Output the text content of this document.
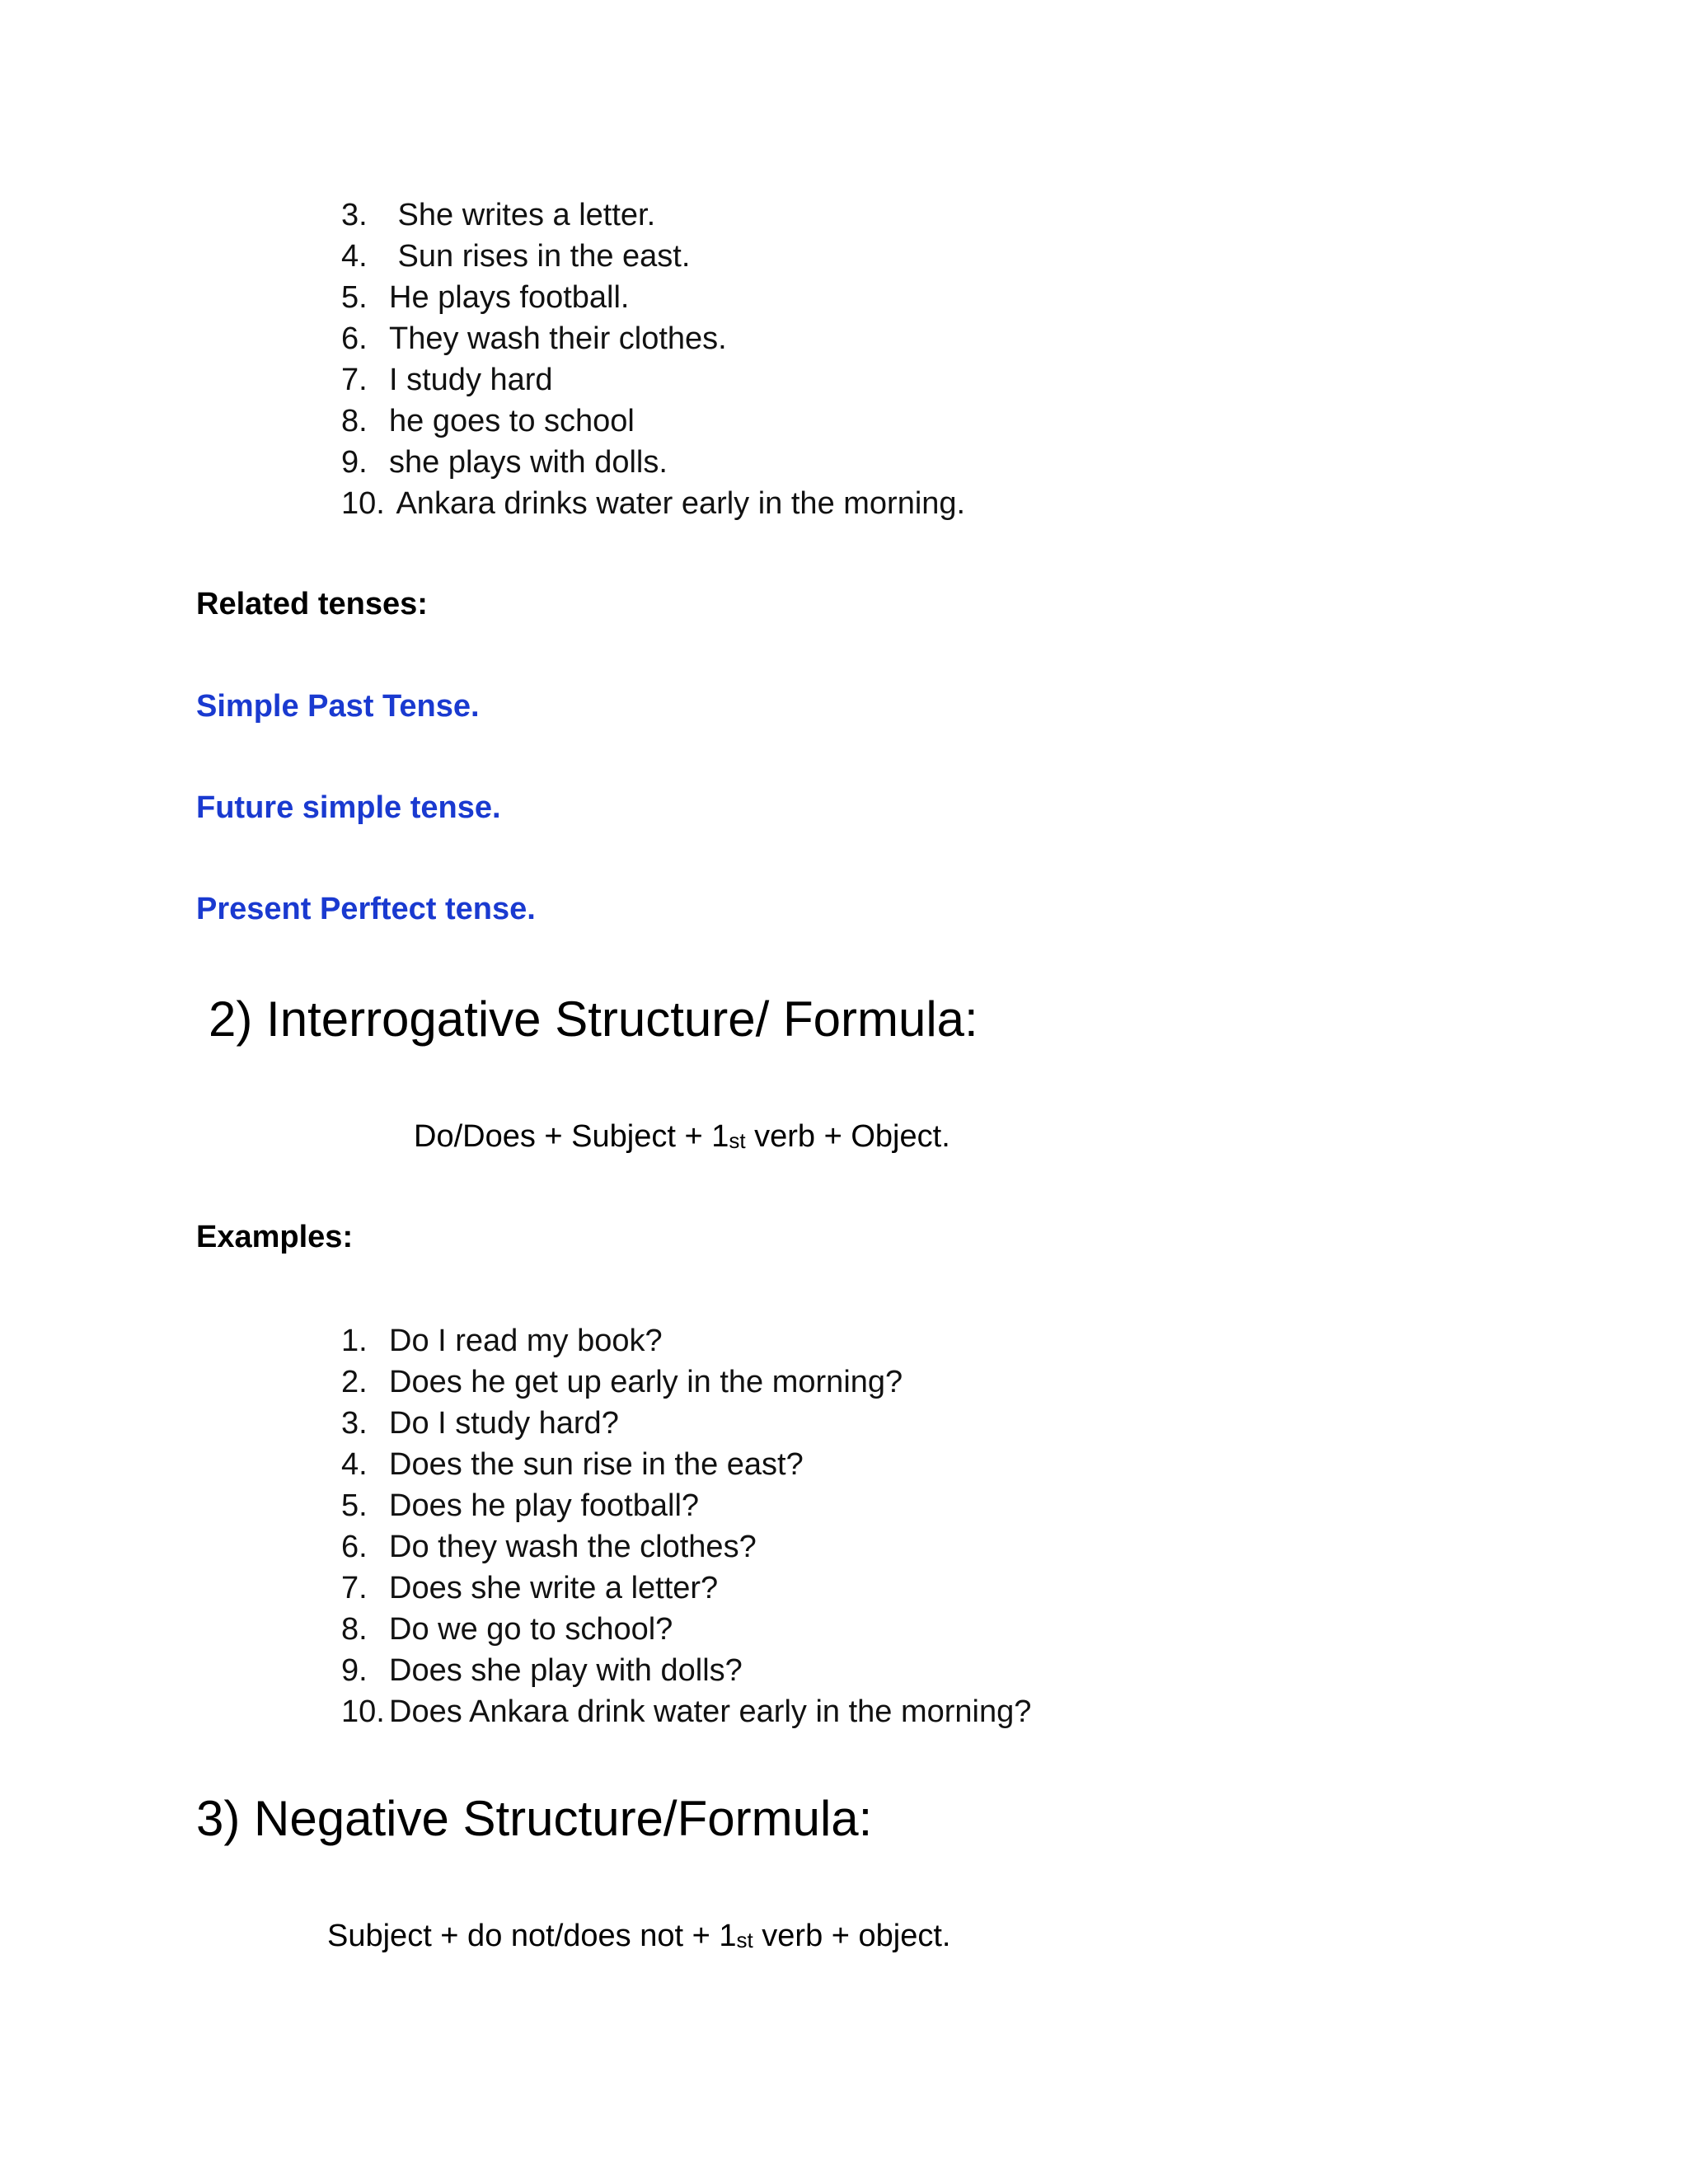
3. She writes a letter.
4. Sun rises in the east.
5. He plays football.
6. They wash their clothes.
7. I study hard
8. he goes to school
9. she plays with dolls.
10. Ankara drinks water early in the morning.
Related tenses:
Simple Past Tense.
Future simple tense.
Present Perftect tense.
2) Interrogative Structure/ Formula:
Do/Does + Subject + 1st verb + Object.
Examples:
1. Do I read my book?
2. Does he get up early in the morning?
3. Do I study hard?
4. Does the sun rise in the east?
5. Does he play football?
6. Do they wash the clothes?
7. Does she write a letter?
8. Do we go to school?
9. Does she play with dolls?
10. Does Ankara drink water early in the morning?
3) Negative Structure/Formula:
Subject + do not/does not + 1st verb + object.
